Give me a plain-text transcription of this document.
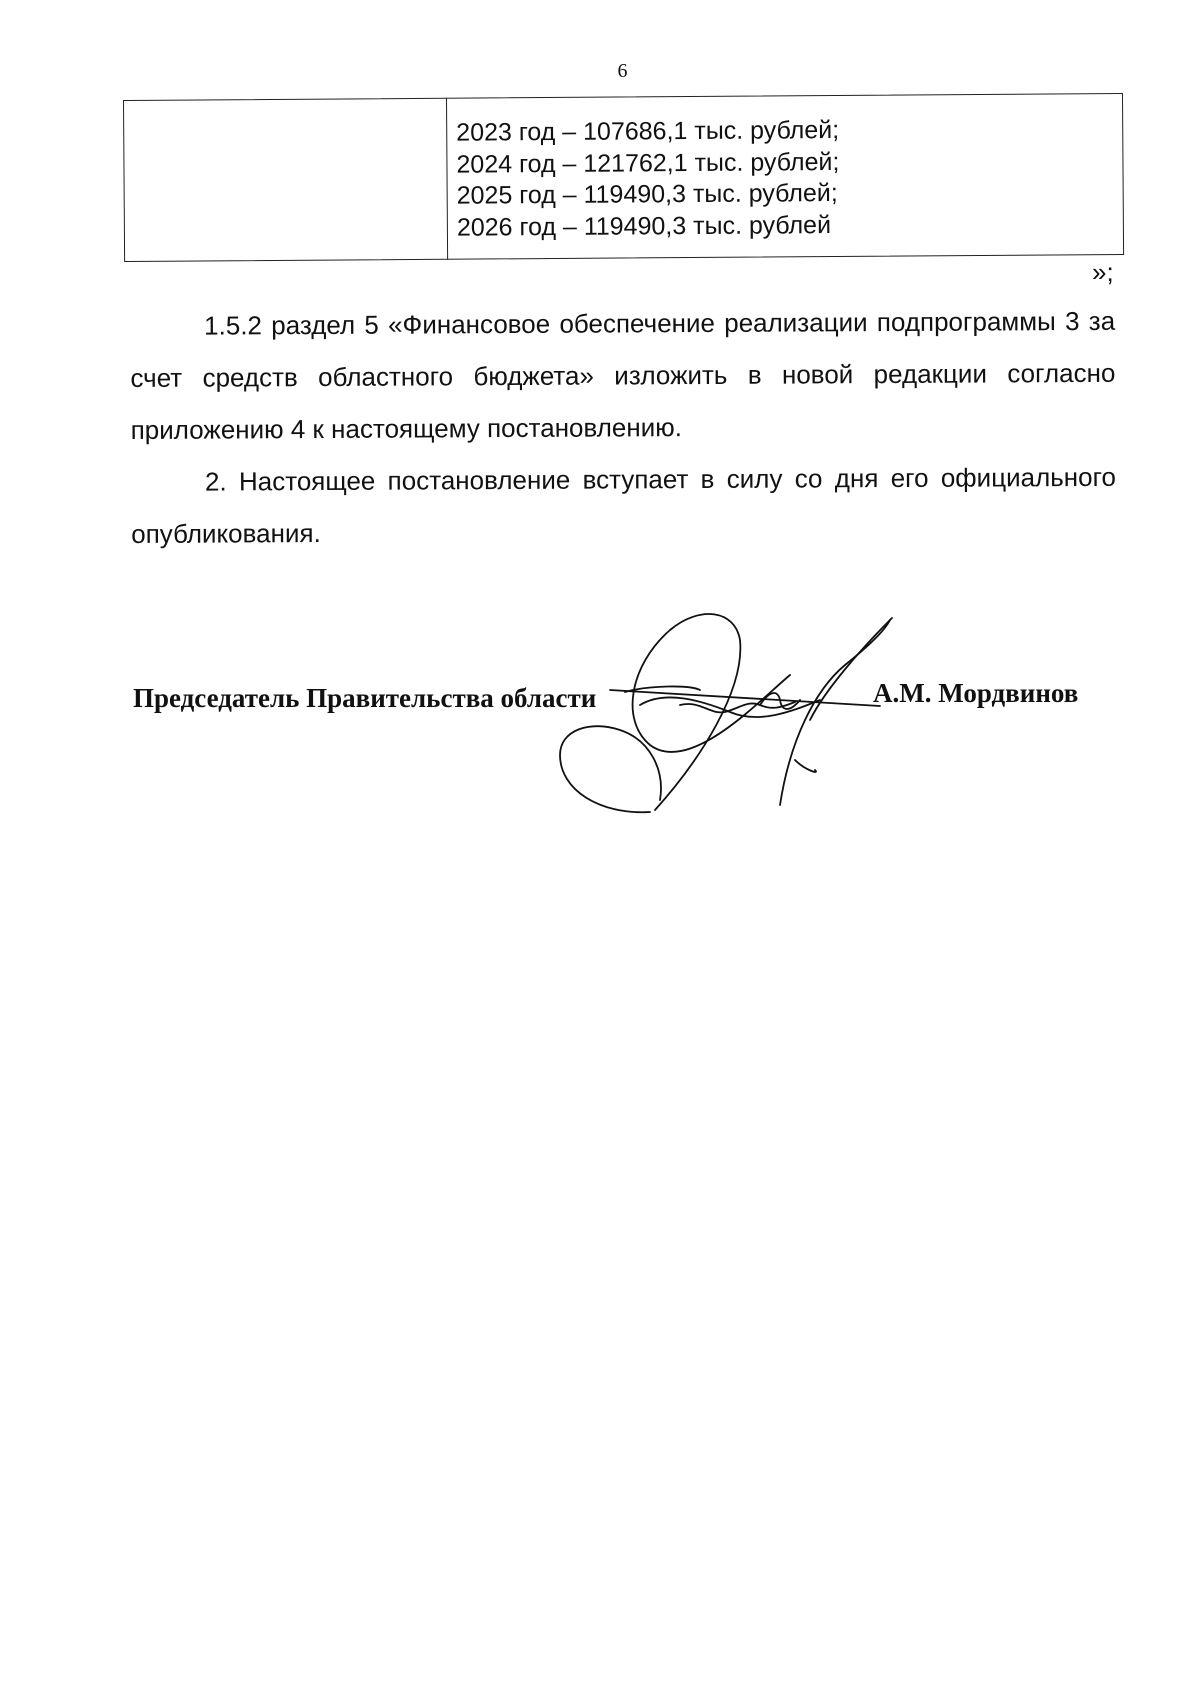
6
2023 год – 107686,1 тыс. рублей;
2024 год – 121762,1 тыс. рублей;
2025 год – 119490,3 тыс. рублей;
2026 год – 119490,3 тыс. рублей
»;

1.5.2 раздел 5 «Финансовое обеспечение реализации подпрограммы 3 за счет средств областного бюджета» изложить в новой редакции согласно приложению 4 к настоящему постановлению.

2. Настоящее постановление вступает в силу со дня его официального опубликования.

Председатель Правительства области	А.М. Мордвинов
